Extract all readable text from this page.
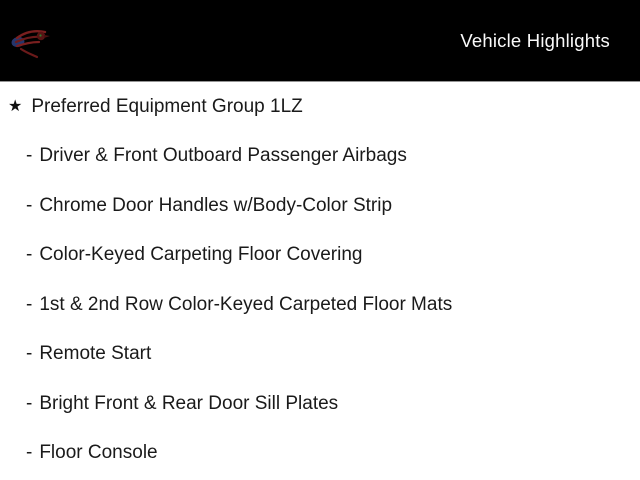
Vehicle Highlights
★ Preferred Equipment Group 1LZ
- Driver & Front Outboard Passenger Airbags
- Chrome Door Handles w/Body-Color Strip
- Color-Keyed Carpeting Floor Covering
- 1st & 2nd Row Color-Keyed Carpeted Floor Mats
- Remote Start
- Bright Front & Rear Door Sill Plates
- Floor Console
